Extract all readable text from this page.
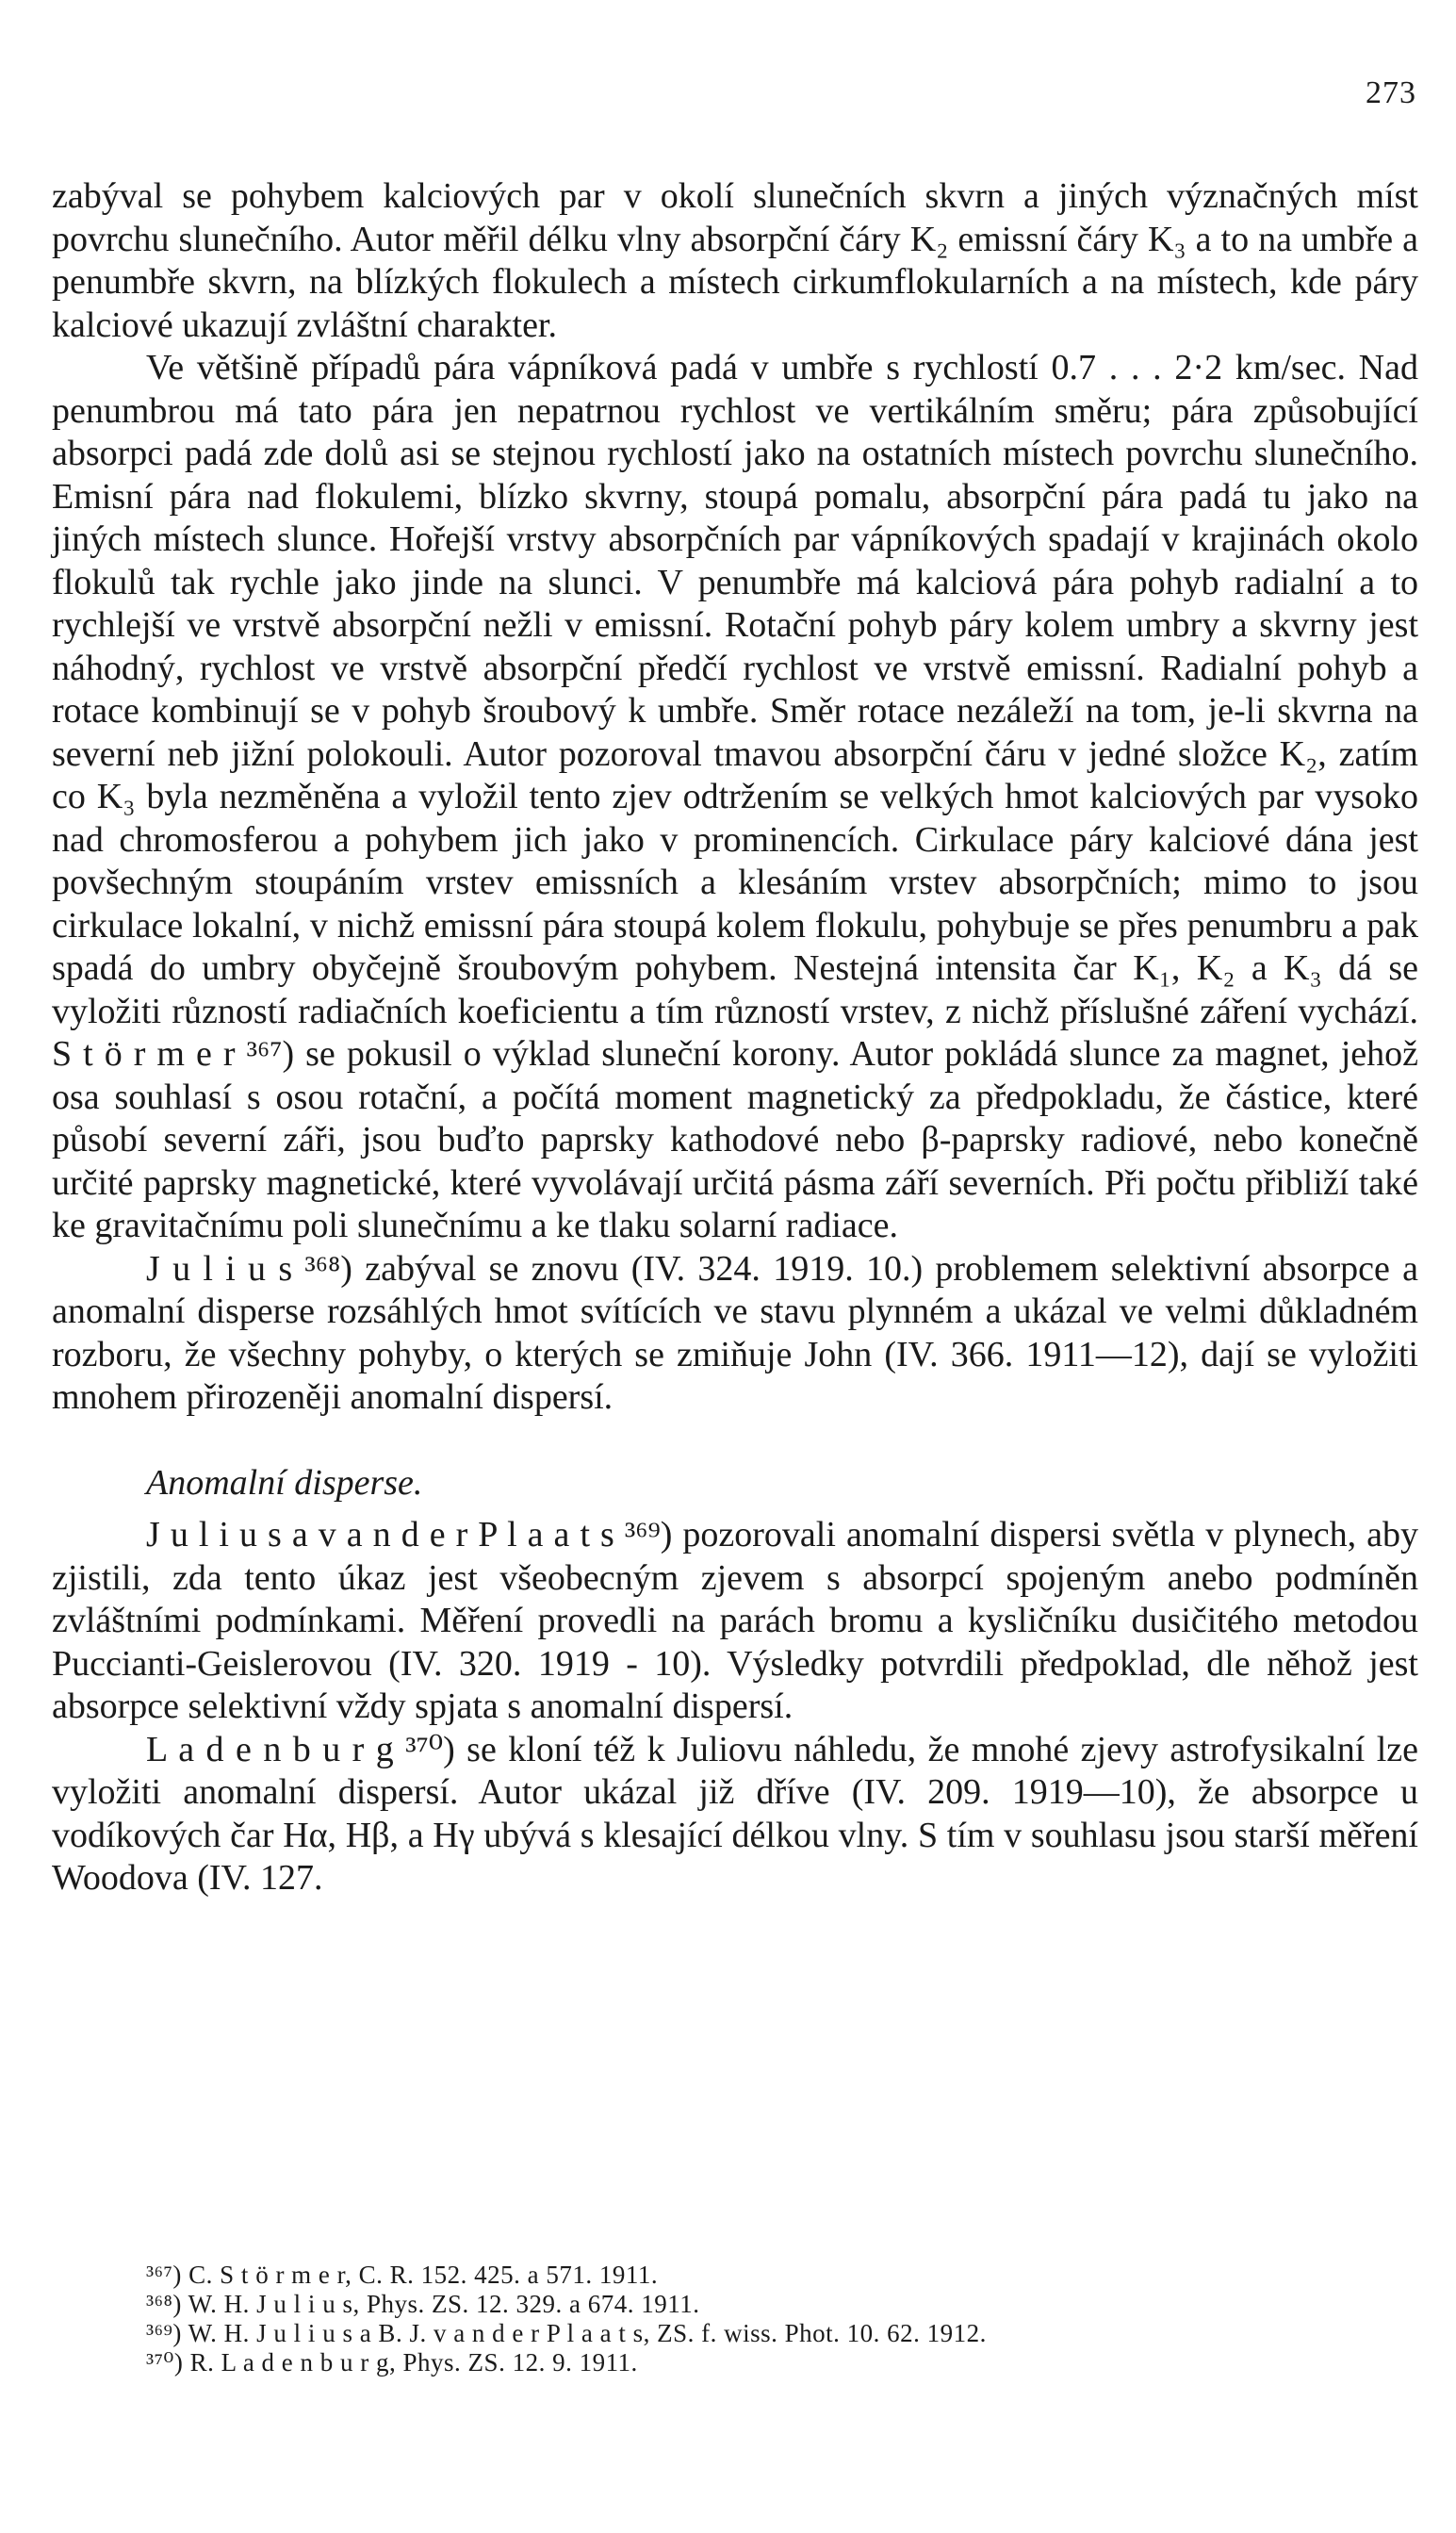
273

zabýval se pohybem kalciových par v okolí slunečních skvrn a jiných význačných míst povrchu slunečního. Autor měřil délku vlny absorpční čáry K₂ emissní čáry K₃ a to na umbře a penumbře skvrn, na blízkých flokulech a místech cirkumflokularních a na místech, kde páry kalciové ukazují zvláštní charakter.

Ve většině případů pára vápníková padá v umbře s rychlostí 0.7 . . . 2·2 km/sec. Nad penumbrou má tato pára jen nepatrnou rychlost ve vertikálním směru; pára způsobující absorpci padá zde dolů asi se stejnou rychlostí jako na ostatních místech povrchu slunečního. Emisní pára nad flokulemi, blízko skvrny, stoupá pomalu, absorpční pára padá tu jako na jiných místech slunce. Hořejší vrstvy absorpčních par vápníkových spadají v krajinách okolo flokulů tak rychle jako jinde na slunci. V penumbře má kalciová pára pohyb radialní a to rychlejší ve vrstvě absorpční nežli v emissní. Rotační pohyb páry kolem umbry a skvrny jest náhodný, rychlost ve vrstvě absorpční předčí rychlost ve vrstvě emissní. Radialní pohyb a rotace kombinují se v pohyb šroubový k umbře. Směr rotace nezáleží na tom, je-li skvrna na severní neb jižní polokouli. Autor pozoroval tmavou absorpční čáru v jedné složce K₂, zatím co K₃ byla nezměněna a vyložil tento zjev odtržením se velkých hmot kalciových par vysoko nad chromosferou a pohybem jich jako v prominencích. Cirkulace páry kalciové dána jest povšechným stoupáním vrstev emissních a klesáním vrstev absorpčních; mimo to jsou cirkulace lokalní, v nichž emissní pára stoupá kolem flokulu, pohybuje se přes penumbru a pak spadá do umbry obyčejně šroubovým pohybem. Nestejná intensita čar K₁, K₂ a K₃ dá se vyložiti růzností radiačních koeficientu a tím růzností vrstev, z nichž příslušné záření vychází. S t ö r m e r ³⁶⁷) se pokusil o výklad sluneční korony. Autor pokládá slunce za magnet, jehož osa souhlasí s osou rotační, a počítá moment magnetický za předpokladu, že částice, které působí severní záři, jsou buďto paprsky kathodové nebo β-paprsky radiové, nebo konečně určité paprsky magnetické, které vyvolávají určitá pásma září severních. Při počtu přibliží také ke gravitačnímu poli slunečnímu a ke tlaku solarní radiace.

J u l i u s ³⁶⁸) zabýval se znovu (IV. 324. 1919. 10.) problemem selektivní absorpce a anomalní disperse rozsáhlých hmot svítících ve stavu plynném a ukázal ve velmi důkladném rozboru, že všechny pohyby, o kterých se zmiňuje John (IV. 366. 1911—12), dají se vyložiti mnohem přirozeněji anomalní dispersí.

Anomalní disperse.

J u l i u s a v a n d e r P l a a t s ³⁶⁹) pozorovali anomalní dispersi světla v plynech, aby zjistili, zda tento úkaz jest všeobecným zjevem s absorpcí spojeným anebo podmíněn zvláštními podmínkami. Měření provedli na parách bromu a kysličníku dusičitého metodou Puccianti-Geislerovou (IV. 320. 1919 - 10). Výsledky potvrdili předpoklad, dle něhož jest absorpce selektivní vždy spjata s anomalní dispersí.

L a d e n b u r g ³⁷⁰) se kloní též k Juliovu náhledu, že mnohé zjevy astrofysikalní lze vyložiti anomalní dispersí. Autor ukázal již dříve (IV. 209. 1919—10), že absorpce u vodíkových čar Hα, Hβ, a Hγ ubývá s klesající délkou vlny. S tím v souhlasu jsou starší měření Woodova (IV. 127.

³⁶⁷) C. S t ö r m e r, C. R. 152. 425. a 571. 1911.
³⁶⁸) W. H. J u l i u s, Phys. ZS. 12. 329. a 674. 1911.
³⁶⁹) W. H. J u l i u s a B. J. v a n d e r P l a a t s, ZS. f. wiss. Phot. 10. 62. 1912.
³⁷⁰) R. L a d e n b u r g, Phys. ZS. 12. 9. 1911.
